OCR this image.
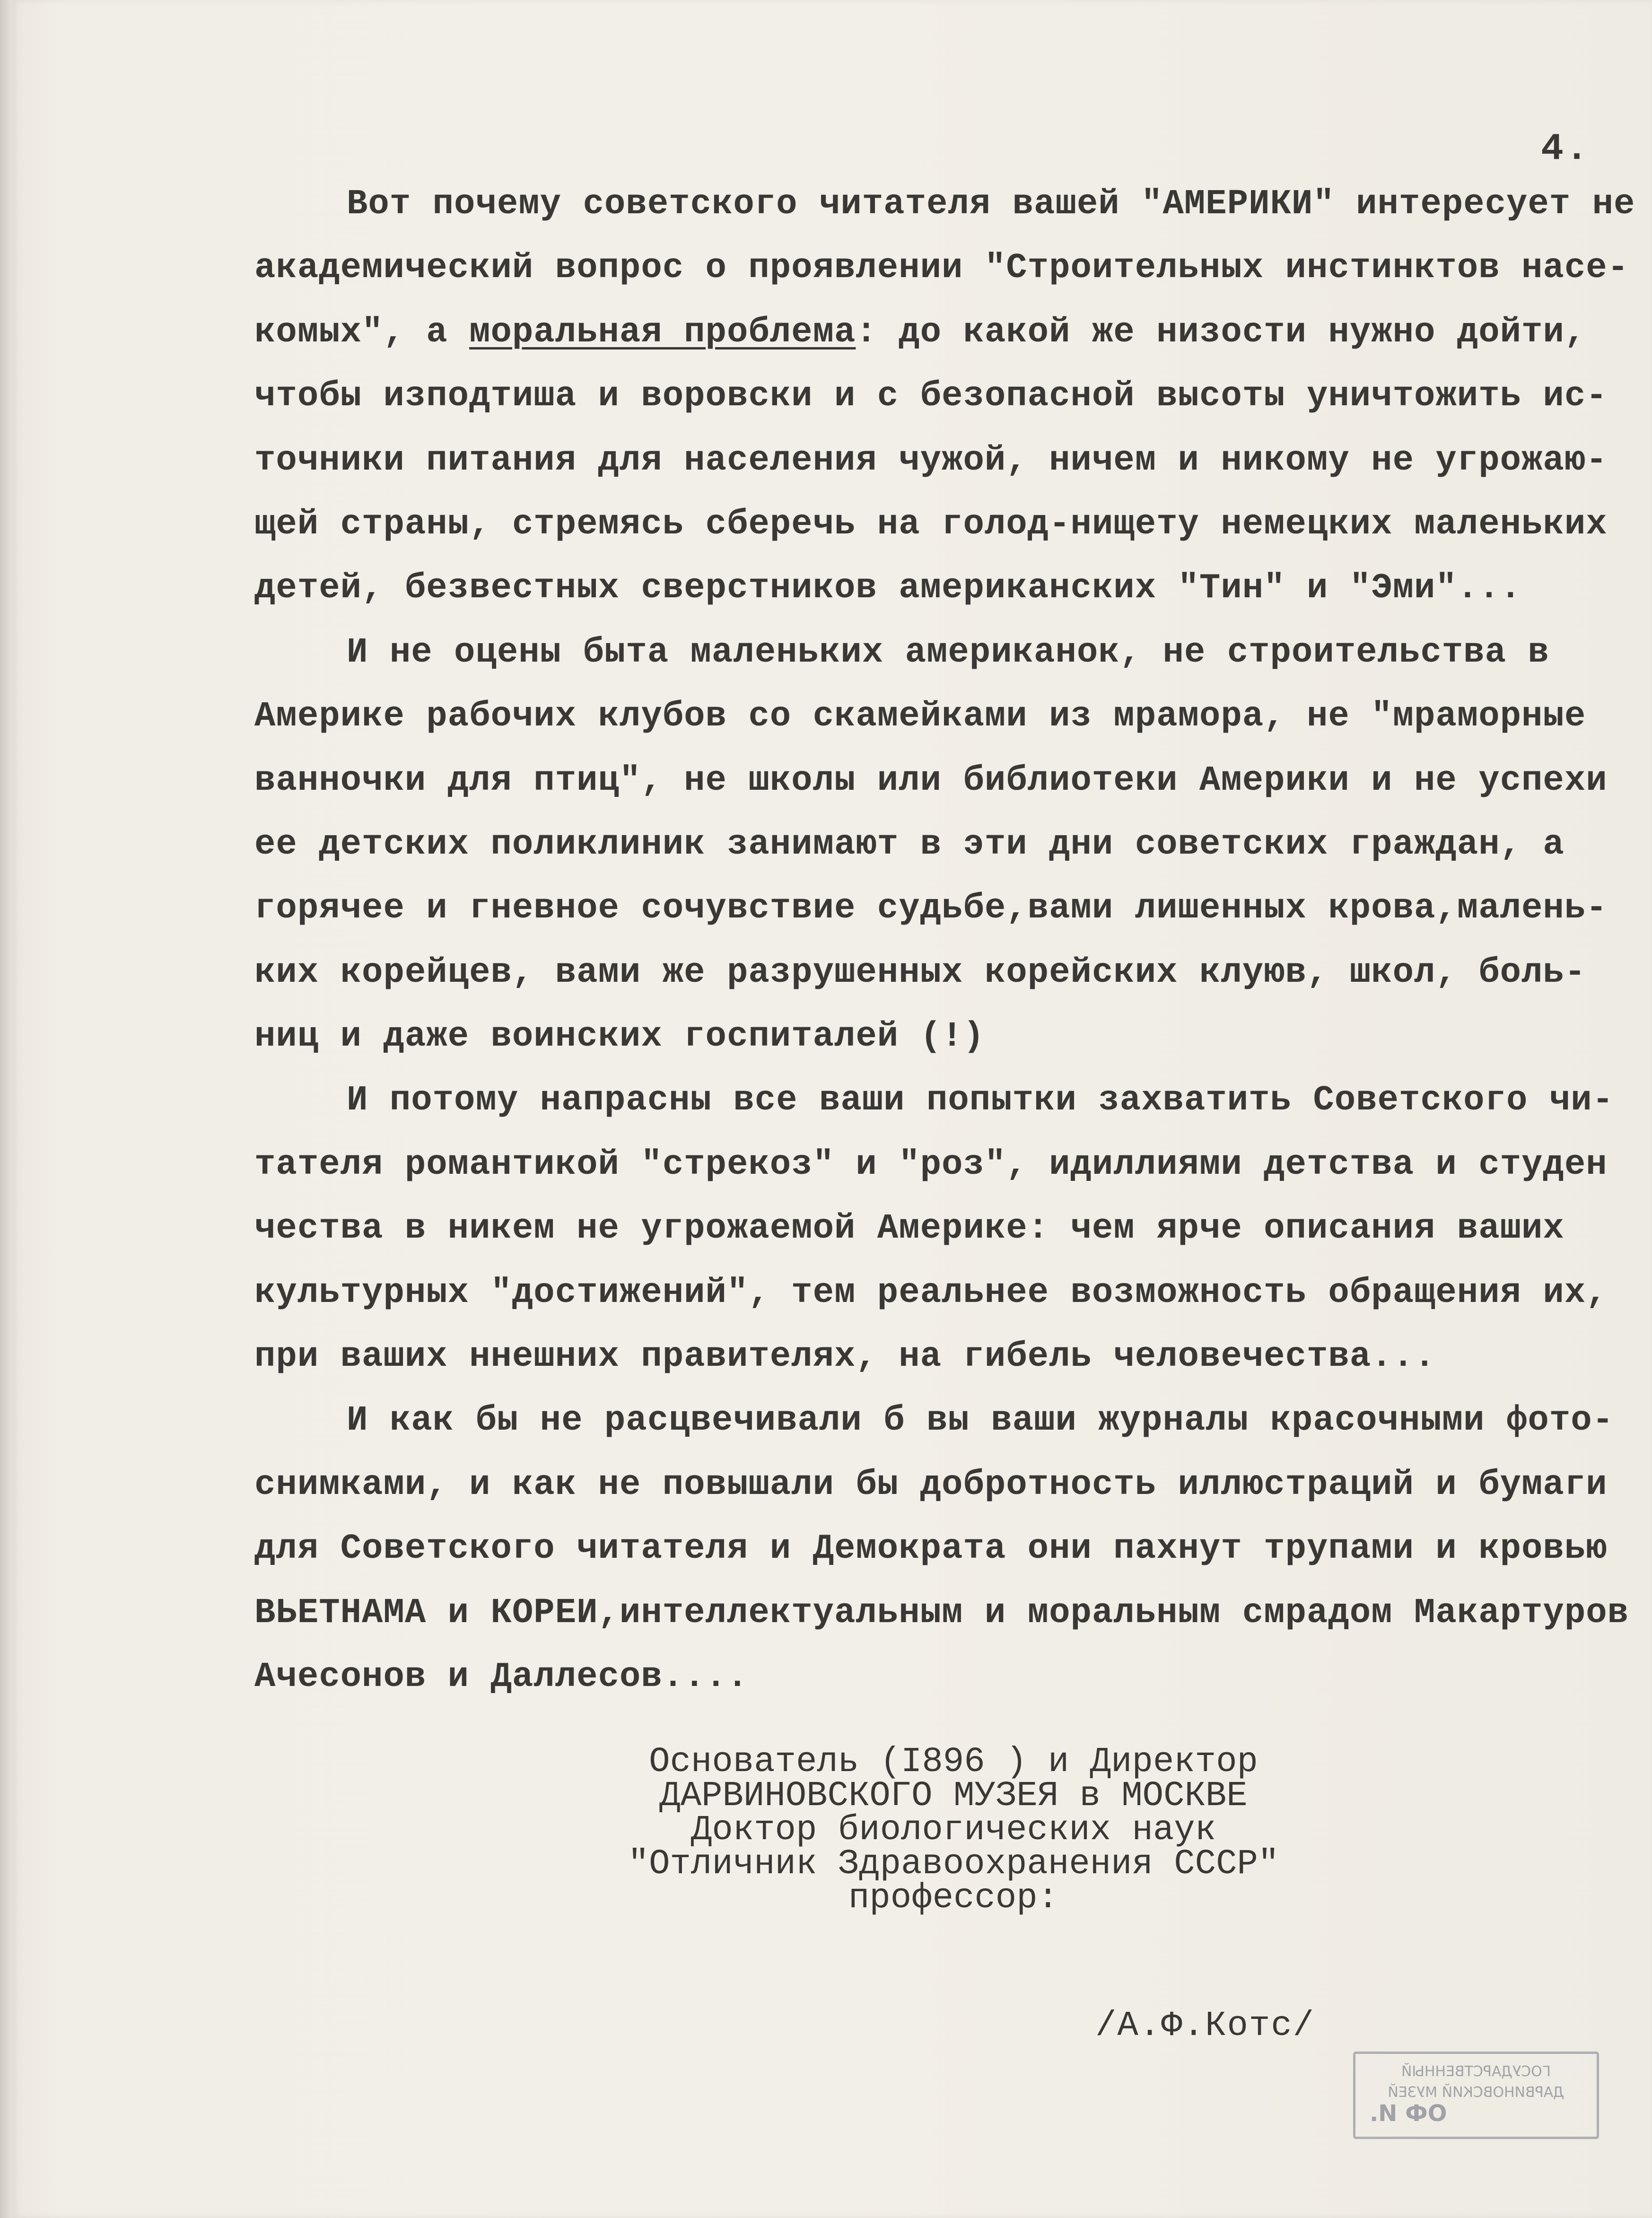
4.
Вот почему советского читателя вашей "АМЕРИКИ" интересует не
академический вопрос о проявлении "Строительных инстинктов насе-
комых", а моральная проблема: до какой же низости нужно дойти,
чтобы изподтиша и воровски и с безопасной высоты уничтожить ис-
точники питания для населения чужой, ничем и никому не угрожаю-
щей страны, стремясь сберечь на голод-нищету немецких маленьких
детей, безвестных сверстников американских "Тин" и "Эми"...
И не оцены быта маленьких американок, не строительства в
Америке рабочих клубов со скамейками из мрамора, не "мраморные
ванночки для птиц", не школы или библиотеки Америки и не успехи
ее детских поликлиник занимают в эти дни советских граждан, а
горячее и гневное сочувствие судьбе,вами лишенных крова,малень-
ких корейцев, вами же разрушенных корейских клуюв, школ, боль-
ниц и даже воинских госпиталей (!)
И потому напрасны все ваши попытки захватить Советского чи-
тателя романтикой "стрекоз" и "роз", идиллиями детства и студен
чества в никем не угрожаемой Америке: чем ярче описания ваших
культурных "достижений", тем реальнее возможность обращения их,
при ваших ннешних правителях, на гибель человечества...
И как бы не расцвечивали б вы ваши журналы красочными фото-
снимками, и как не повышали бы добротность иллюстраций и бумаги
для Советского читателя и Демократа они пахнут трупами и кровью
ВЬЕТНАМА и КОРЕИ,интеллектуальным и моральным смрадом Макартуров
Ачесонов и Даллесов....
Основатель (I896 ) и Директор
ДАРВИНОВСКОГО МУЗЕЯ в МОСКВЕ
Доктор биологических наук
"Отличник Здравоохранения СССР"
профессор:
/А.Ф.Котс/
ГОСУДАРСТВЕННЫЙ
ДАРВИНОВСКИЙ МУЗЕЙ
ОФ И.
